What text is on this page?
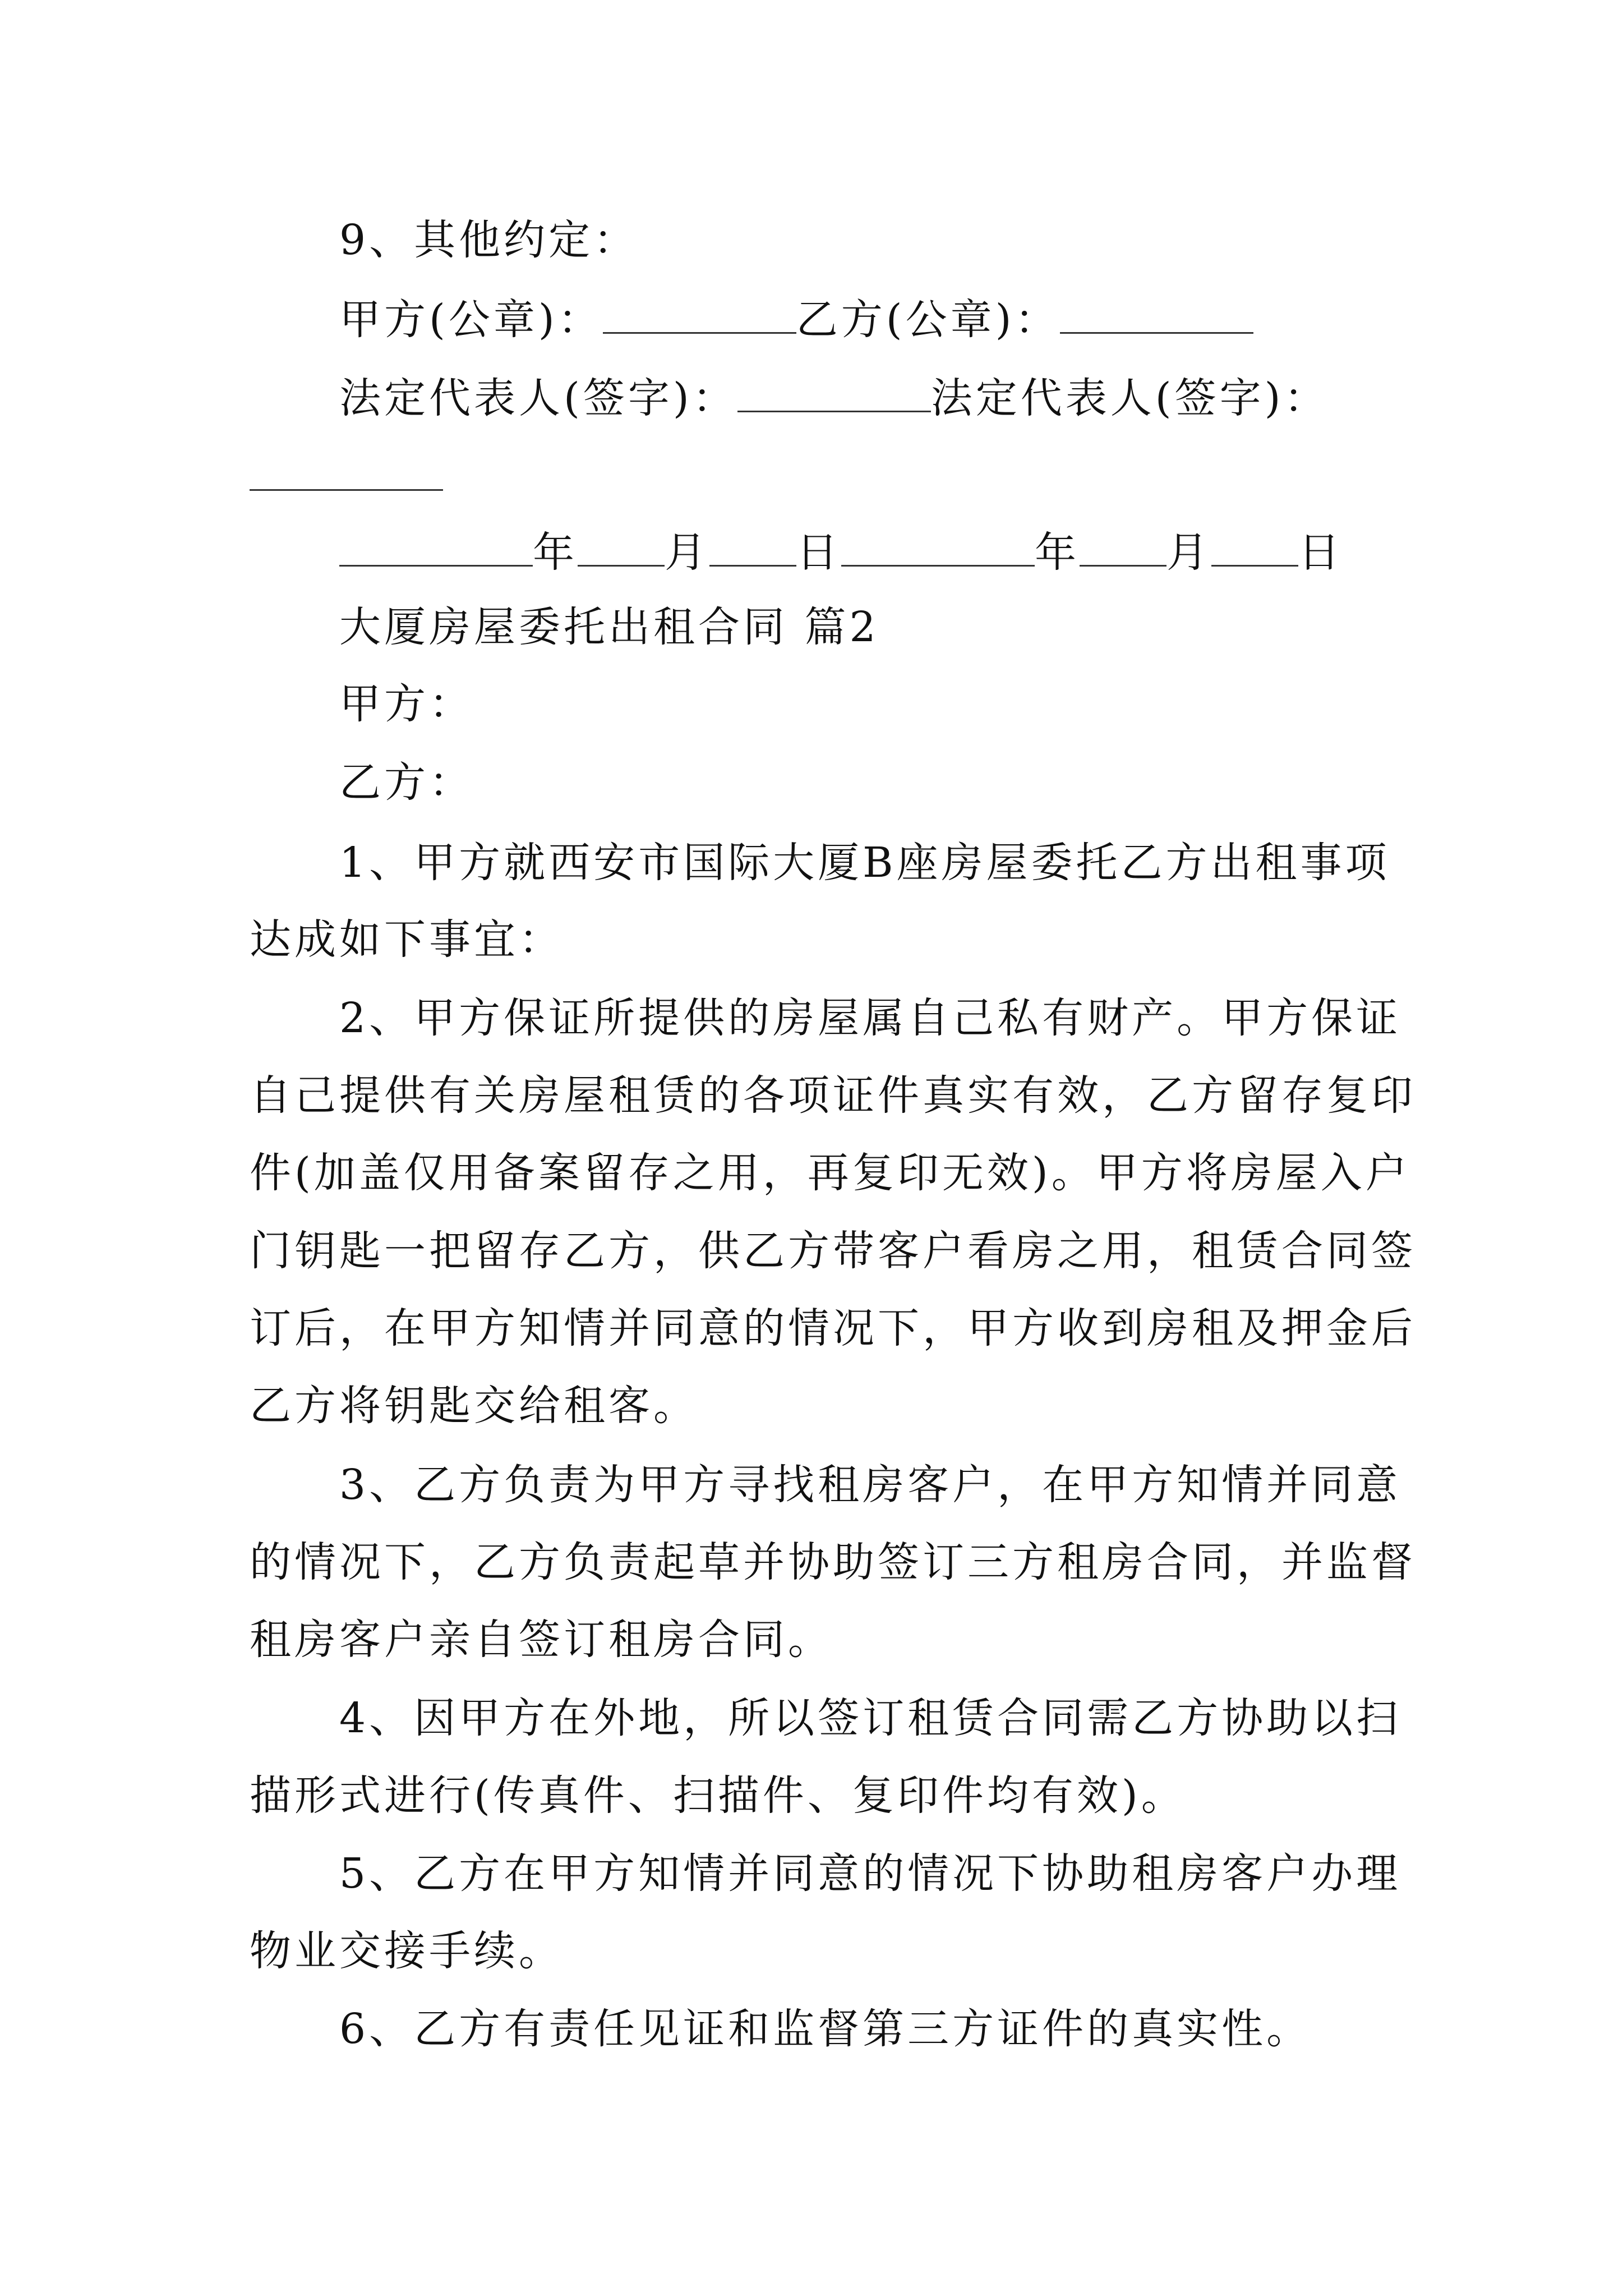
9、其他约定：
甲方(公章)：	乙方(公章)：
法定代表人(签字)：	法定代表人(签字)：
年 月 日	年 月 日
大厦房屋委托出租合同 篇2
甲方：
乙方：
1、甲方就西安市国际大厦B座房屋委托乙方出租事项
达成如下事宜：
2、甲方保证所提供的房屋属自己私有财产。甲方保证
自己提供有关房屋租赁的各项证件真实有效，乙方留存复印
件(加盖仅用备案留存之用，再复印无效)。甲方将房屋入户
门钥匙一把留存乙方，供乙方带客户看房之用，租赁合同签
订后，在甲方知情并同意的情况下，甲方收到房租及押金后
乙方将钥匙交给租客。
3、乙方负责为甲方寻找租房客户，在甲方知情并同意
的情况下，乙方负责起草并协助签订三方租房合同，并监督
租房客户亲自签订租房合同。
4、因甲方在外地，所以签订租赁合同需乙方协助以扫
描形式进行(传真件、扫描件、复印件均有效)。
5、乙方在甲方知情并同意的情况下协助租房客户办理
物业交接手续。
6、乙方有责任见证和监督第三方证件的真实性。
